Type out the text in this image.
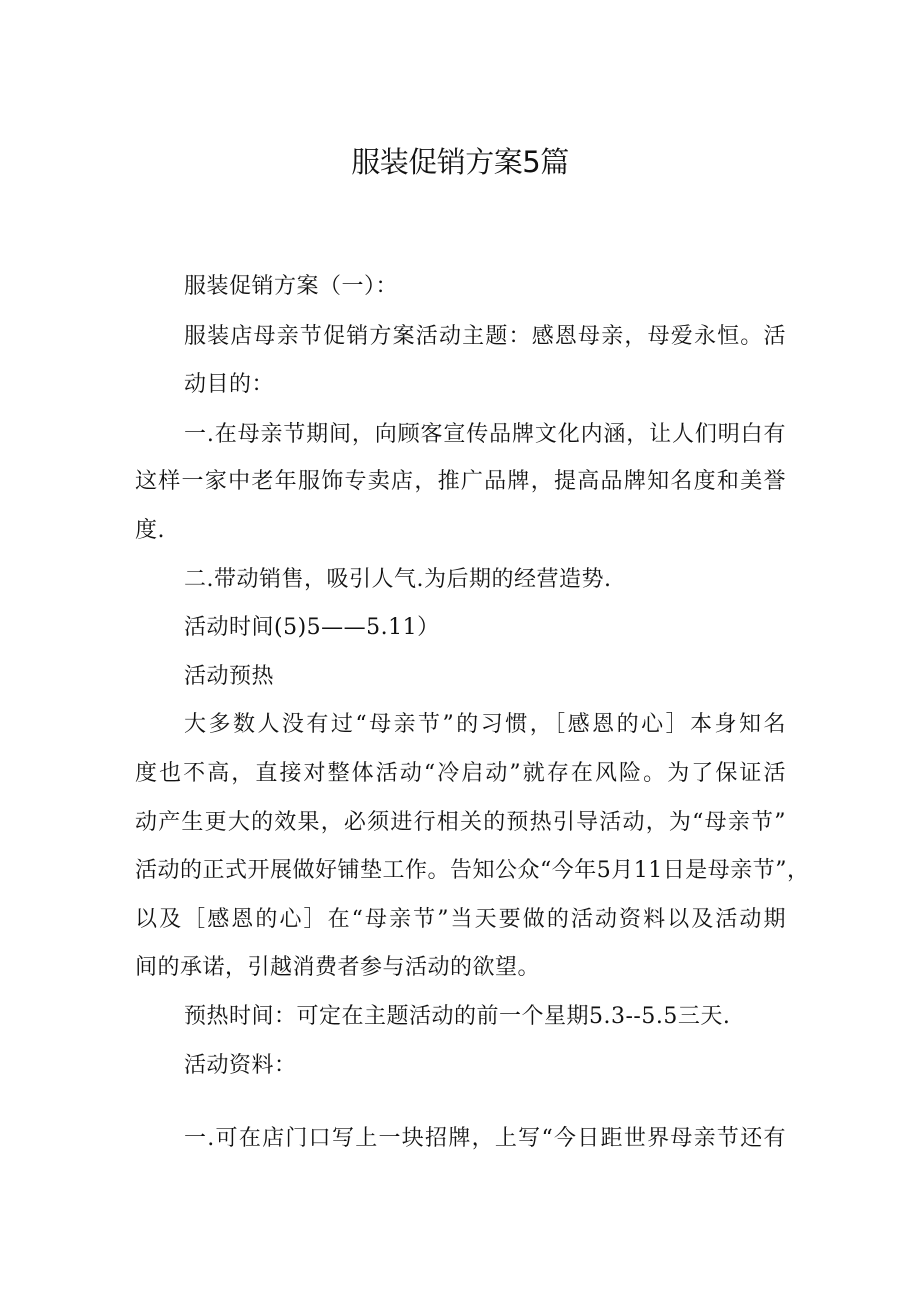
服装促销方案5篇
服装促销方案（一）：
服装店母亲节促销方案活动主题：感恩母亲，母爱永恒。活
动目的：
一.在母亲节期间，向顾客宣传品牌文化内涵，让人们明白有
这样一家中老年服饰专卖店，推广品牌，提高品牌知名度和美誉
度.
二.带动销售，吸引人气.为后期的经营造势.
活动时间(5)5——5.11）
活动预热
大多数人没有过“母亲节”的习惯，［感恩的心］本身知名
度也不高，直接对整体活动“冷启动”就存在风险。为了保证活
动产生更大的效果，必须进行相关的预热引导活动，为“母亲节”
活动的正式开展做好铺垫工作。告知公众“今年5月11日是母亲节”，
以及［感恩的心］在“母亲节”当天要做的活动资料以及活动期
间的承诺，引越消费者参与活动的欲望。
预热时间：可定在主题活动的前一个星期5.3--5.5三天.
活动资料：
一.可在店门口写上一块招牌，上写“今日距世界母亲节还有
